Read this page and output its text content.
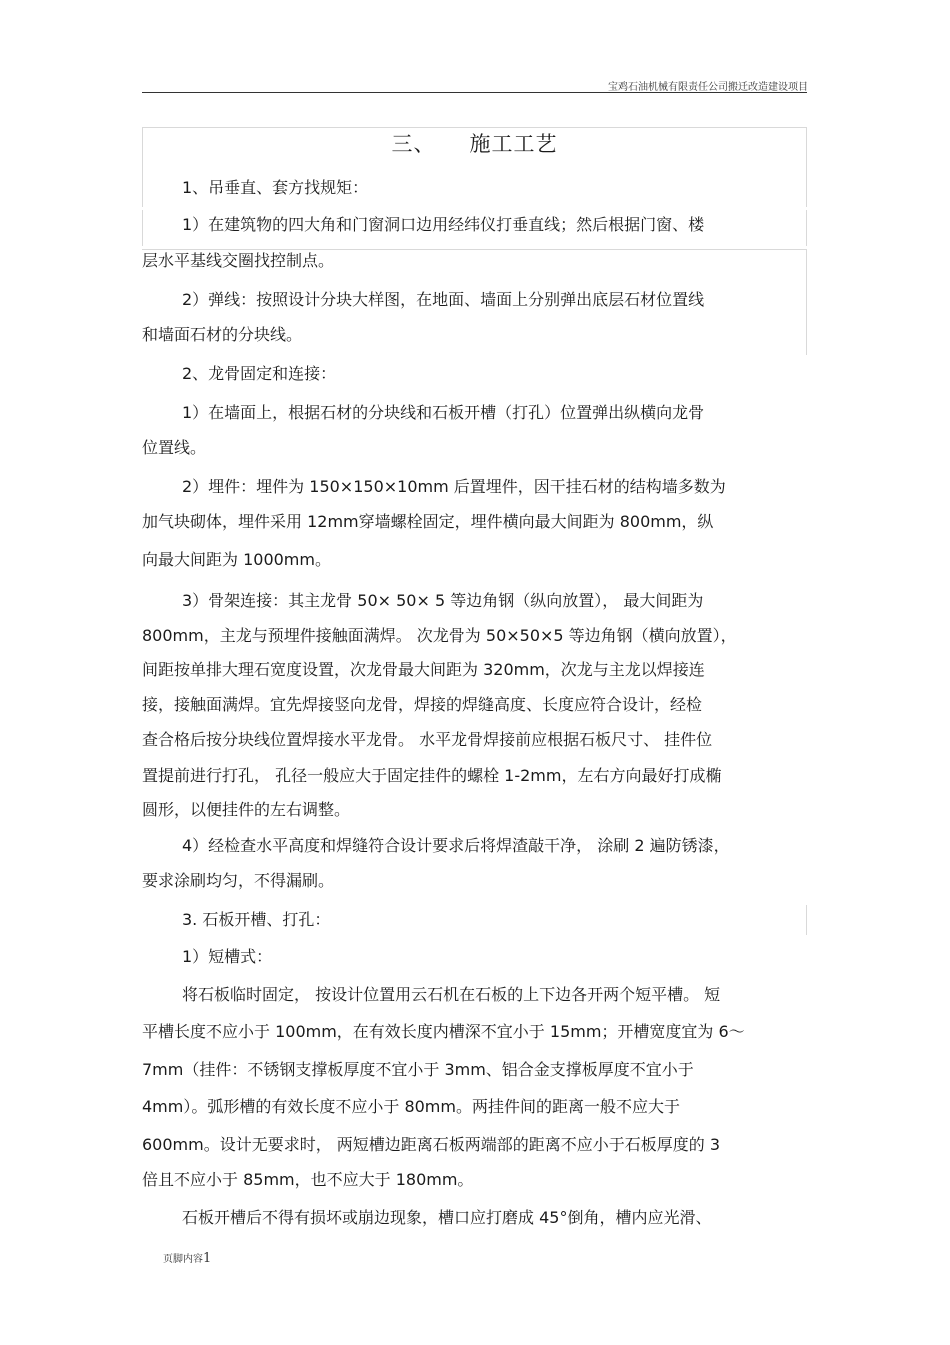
宝鸡石油机械有限责任公司搬迁改造建设项目
三、 施工工艺
1、吊垂直、套方找规矩：
1）在建筑物的四大角和门窗洞口边用经纬仪打垂直线；然后根据门窗、楼
层水平基线交圈找控制点。
2）弹线：按照设计分块大样图，在地面、墙面上分别弹出底层石材位置线
和墙面石材的分块线。
2、龙骨固定和连接：
1）在墙面上，根据石材的分块线和石板开槽（打孔）位置弹出纵横向龙骨
位置线。
2）埋件：埋件为 150×150×10mm 后置埋件，因干挂石材的结构墙多数为
加气块砌体，埋件采用 12mm穿墙螺栓固定，埋件横向最大间距为 800mm，纵
向最大间距为 1000mm。
3）骨架连接：其主龙骨 50× 50× 5 等边角钢（纵向放置）， 最大间距为
800mm，主龙与预埋件接触面满焊。 次龙骨为 50×50×5 等边角钢（横向放置），
间距按单排大理石宽度设置，次龙骨最大间距为 320mm，次龙与主龙以焊接连
接，接触面满焊。宜先焊接竖向龙骨，焊接的焊缝高度、长度应符合设计，经检
查合格后按分块线位置焊接水平龙骨。 水平龙骨焊接前应根据石板尺寸、 挂件位
置提前进行打孔， 孔径一般应大于固定挂件的螺栓 1-2mm，左右方向最好打成椭
圆形，以便挂件的左右调整。
4）经检查水平高度和焊缝符合设计要求后将焊渣敲干净， 涂刷 2 遍防锈漆，
要求涂刷均匀，不得漏刷。
3. 石板开槽、打孔：
1）短槽式：
将石板临时固定， 按设计位置用云石机在石板的上下边各开两个短平槽。 短
平槽长度不应小于 100mm，在有效长度内槽深不宜小于 15mm；开槽宽度宜为 6～
7mm（挂件：不锈钢支撑板厚度不宜小于 3mm、铝合金支撑板厚度不宜小于
4mm）。弧形槽的有效长度不应小于 80mm。两挂件间的距离一般不应大于
600mm。设计无要求时， 两短槽边距离石板两端部的距离不应小于石板厚度的 3
倍且不应小于 85mm，也不应大于 180mm。
石板开槽后不得有损坏或崩边现象，槽口应打磨成 45°倒角，槽内应光滑、
页脚内容1
